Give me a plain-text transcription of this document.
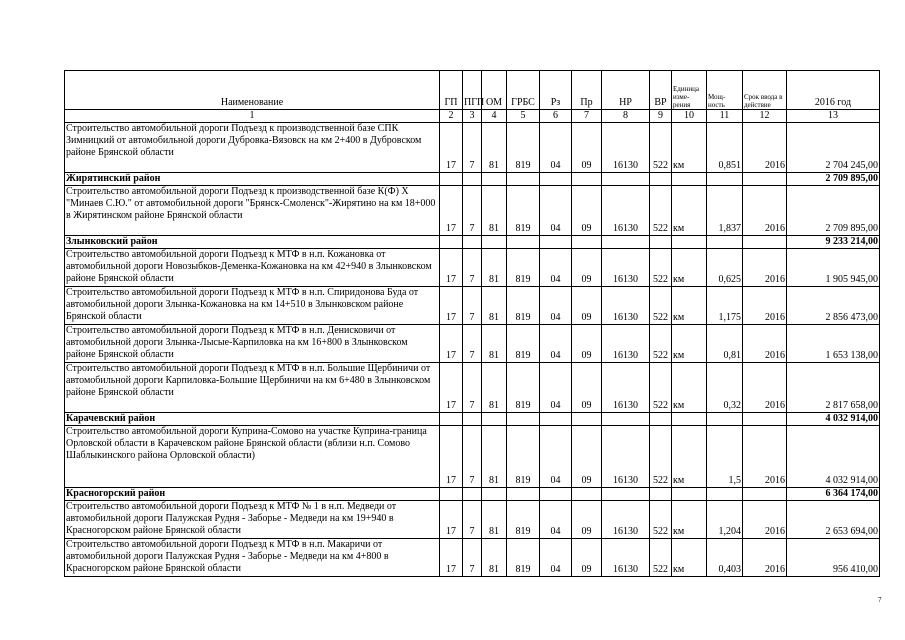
Наименование	ГП	ПГП	ОМ	ГРБС	Рз	Пр	НР	ВР	Единица изме-рения	Мощ-ность	Срок ввода в действие	2016 год
1	2	3	4	5	6	7	8	9	10	11	12	13
Строительство автомобильной дороги Подъезд к производственной базе СПК Зимницкий от автомобильной дороги Дубровка-Вязовск на км 2+400 в Дубровском районе Брянской области	17	7	81	819	04	09	16130	522	км	0,851	2016	2 704 245,00
Жирятинский район												2 709 895,00
Строительство автомобильной дороги Подъезд к производственной базе К(Ф) Х "Минаев С.Ю." от автомобильной дороги "Брянск-Смоленск"-Жирятино на км 18+000 в Жирятинском районе Брянской области	17	7	81	819	04	09	16130	522	км	1,837	2016	2 709 895,00
Злынковский район												9 233 214,00
Строительство автомобильной дороги Подъезд к МТФ в н.п. Кожановка от автомобильной дороги Новозыбков-Деменка-Кожановка на км 42+940 в Злынковском районе Брянской области	17	7	81	819	04	09	16130	522	км	0,625	2016	1 905 945,00
Строительство автомобильной дороги Подъезд к МТФ в н.п. Спиридонова Буда от автомобильной дороги Злынка-Кожановка на км 14+510 в Злынковском районе Брянской области	17	7	81	819	04	09	16130	522	км	1,175	2016	2 856 473,00
Строительство автомобильной дороги Подъезд к МТФ в н.п. Денисковичи от автомобильной дороги Злынка-Лысые-Карпиловка на км 16+800 в Злынковском районе Брянской области	17	7	81	819	04	09	16130	522	км	0,81	2016	1 653 138,00
Строительство автомобильной дороги Подъезд к МТФ в н.п. Большие Щербиничи от автомобильной дороги Карпиловка-Большие Щербиничи на км 6+480 в Злынковском районе Брянской области	17	7	81	819	04	09	16130	522	км	0,32	2016	2 817 658,00
Карачевский район												4 032 914,00
Строительство автомобильной дороги Куприна-Сомово на участке Куприна-граница Орловской области в Карачевском районе Брянской области (вблизи н.п. Сомово Шаблыкинского района Орловской области)	17	7	81	819	04	09	16130	522	км	1,5	2016	4 032 914,00
Красногорский район												6 364 174,00
Строительство автомобильной дороги Подъезд к МТФ № 1 в н.п. Медведи от автомобильной дороги Палужская Рудня - Заборье - Медведи на км 19+940 в Красногорском районе Брянской области	17	7	81	819	04	09	16130	522	км	1,204	2016	2 653 694,00
Строительство автомобильной дороги Подъезд к МТФ в н.п. Макаричи от автомобильной дороги Палужская Рудня - Заборье - Медведи на км 4+800 в Красногорском районе Брянской области	17	7	81	819	04	09	16130	522	км	0,403	2016	956 410,00
7
